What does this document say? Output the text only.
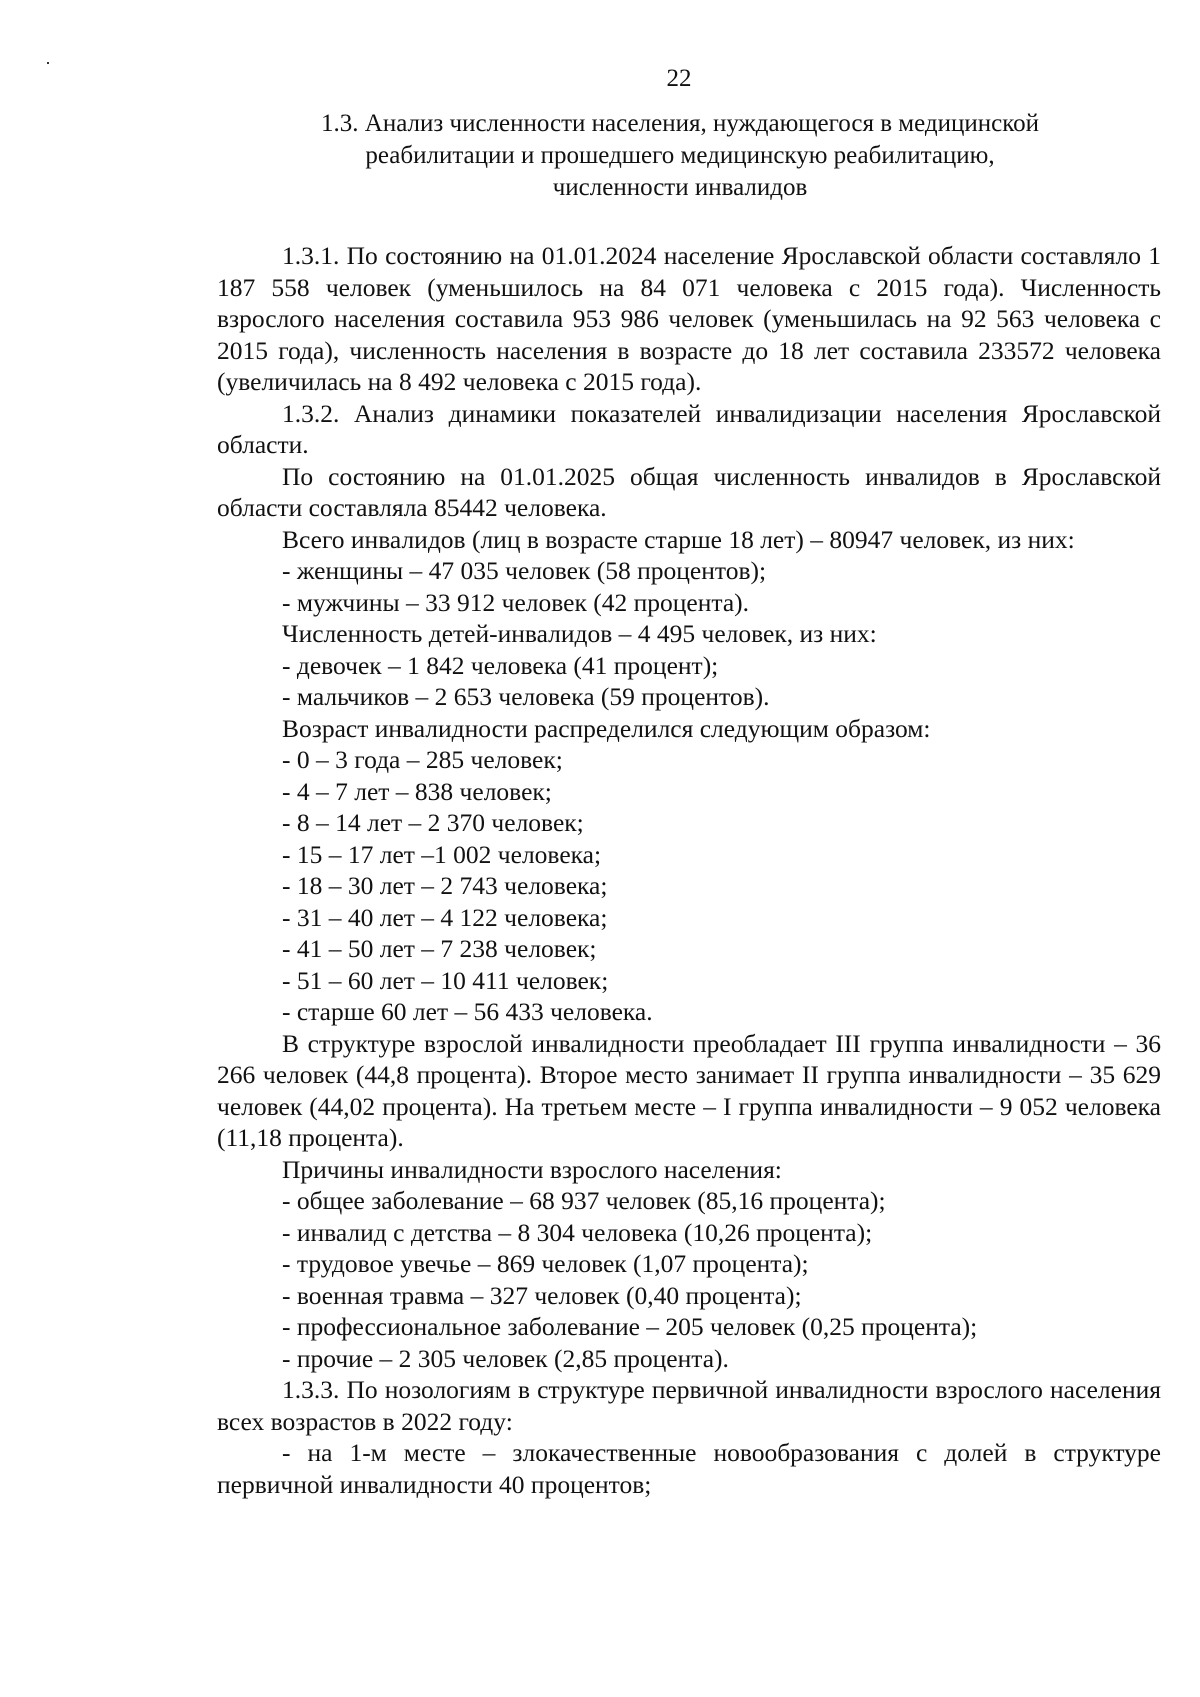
22
1.3. Анализ численности населения, нуждающегося в медицинской
реабилитации и прошедшего медицинскую реабилитацию,
численности инвалидов

1.3.1. По состоянию на 01.01.2024 население Ярославской области составляло 1 187 558 человек (уменьшилось на 84 071 человека с 2015 года). Численность взрослого населения составила 953 986 человек (уменьшилась на 92 563 человека с 2015 года), численность населения в возрасте до 18 лет составила 233572 человека (увеличилась на 8 492 человека с 2015 года).

1.3.2. Анализ динамики показателей инвалидизации населения Ярославской области.

По состоянию на 01.01.2025 общая численность инвалидов в Ярославской области составляла 85442 человека.

Всего инвалидов (лиц в возрасте старше 18 лет) – 80947 человек, из них:

- женщины – 47 035 человек (58 процентов);

- мужчины – 33 912 человек (42 процента).

Численность детей-инвалидов – 4 495 человек, из них:

- девочек – 1 842 человека (41 процент);

- мальчиков – 2 653 человека (59 процентов).

Возраст инвалидности распределился следующим образом:

- 0 – 3 года – 285 человек;

- 4 – 7 лет – 838 человек;

- 8 – 14 лет – 2 370 человек;

- 15 – 17 лет –1 002 человека;

- 18 – 30 лет – 2 743 человека;

- 31 – 40 лет – 4 122 человека;

- 41 – 50 лет – 7 238 человек;

- 51 – 60 лет – 10 411 человек;

- старше 60 лет – 56 433 человека.

В структуре взрослой инвалидности преобладает III группа инвалидности – 36 266 человек (44,8 процента). Второе место занимает II группа инвалидности – 35 629 человек (44,02 процента). На третьем месте – I группа инвалидности – 9 052 человека (11,18 процента).

Причины инвалидности взрослого населения:

- общее заболевание – 68 937 человек (85,16 процента);

- инвалид с детства – 8 304 человека (10,26 процента);

- трудовое увечье – 869 человек (1,07 процента);

- военная травма – 327 человек (0,40 процента);

- профессиональное заболевание – 205 человек (0,25 процента);

- прочие – 2 305 человек (2,85 процента).

1.3.3. По нозологиям в структуре первичной инвалидности взрослого населения всех возрастов в 2022 году:

- на 1-м месте – злокачественные новообразования с долей в структуре первичной инвалидности 40 процентов;
